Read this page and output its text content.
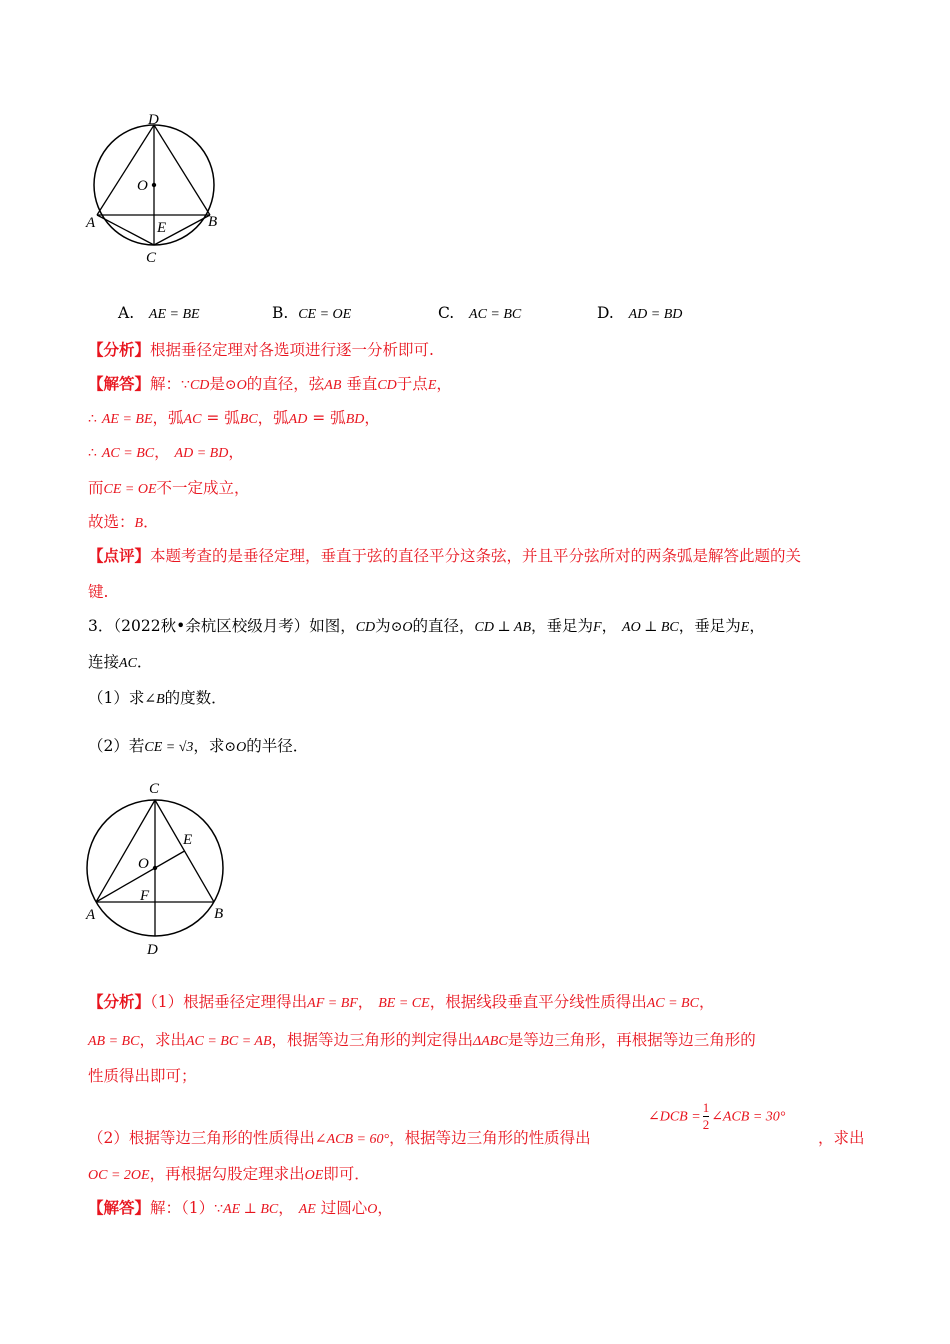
D
O
A	E	B
C
A. AE = BE	B. CE = OE	C. AC = BC	D. AD = BD
【分析】根据垂径定理对各选项进行逐一分析即可.
【解答】解：∵CD是⊙O的直径，弦AB 垂直CD于点E，
∴ AE = BE，弧AC = 弧BC，弧AD = 弧BD，
∴ AC = BC， AD = BD，
而CE = OE不一定成立，
故选：B．
【点评】本题考查的是垂径定理，垂直于弦的直径平分这条弦，并且平分弦所对的两条弧是解答此题的关
键.
3．（2022秋•余杭区校级月考）如图，CD为⊙O的直径，CD ⊥ AB，垂足为F， AO ⊥ BC，垂足为E，
连接AC．
（1）求∠B的度数．
（2）若CE = √3，求⊙O的半径．
C
E
O
F
A	B
D
【分析】（1）根据垂径定理得出AF = BF， BE = CE，根据线段垂直平分线性质得出AC = BC，
AB = BC，求出AC = BC = AB，根据等边三角形的判定得出ΔABC是等边三角形，再根据等边三角形的
性质得出即可；
（2）根据等边三角形的性质得出∠ACB = 60°，根据等边三角形的性质得出
∠DCB = $\frac{1}{2}$ ∠ACB = 30°
，求出
OC = 2OE，再根据勾股定理求出OE即可．
【解答】解：（1）∵AE ⊥ BC， AE 过圆心O，
